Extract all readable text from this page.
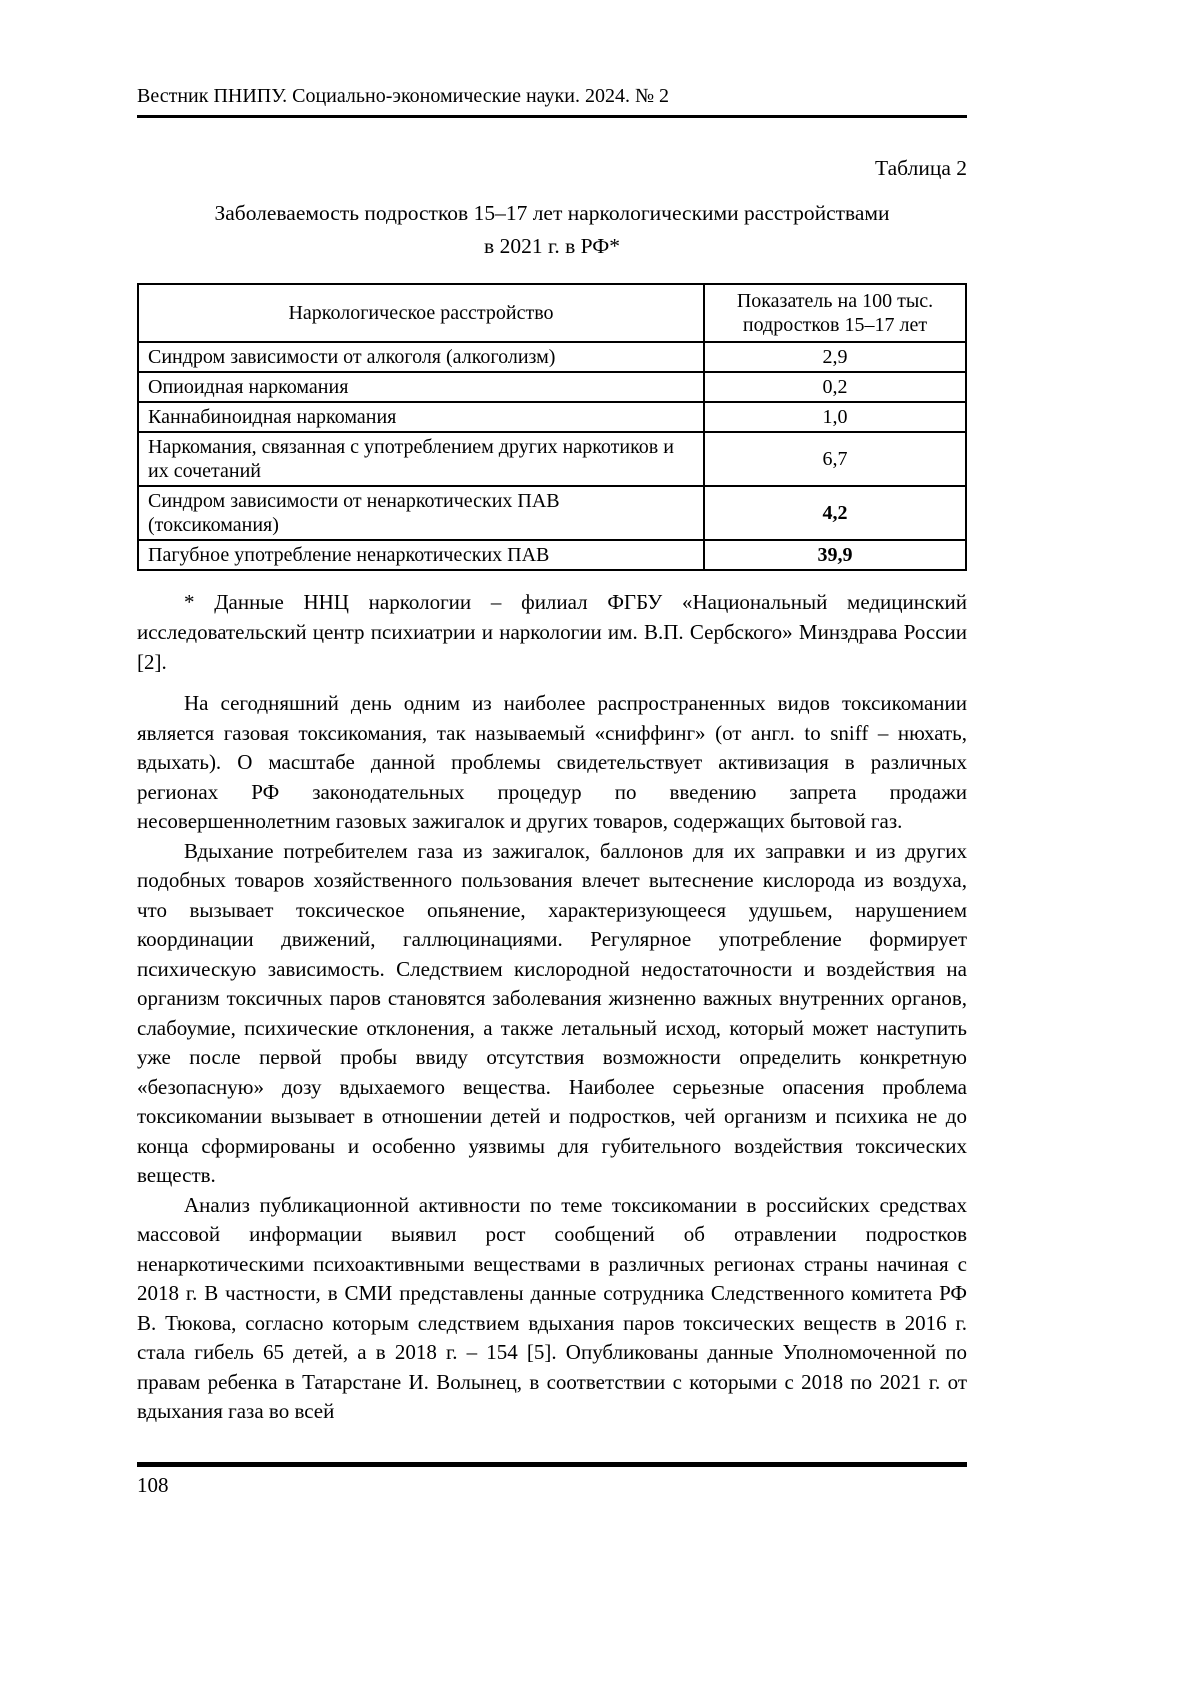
Вестник ПНИПУ. Социально-экономические науки. 2024. № 2
Таблица 2
Заболеваемость подростков 15–17 лет наркологическими расстройствами в 2021 г. в РФ*
Наркологическое расстройство	Показатель на 100 тыс. подростков 15–17 лет
Синдром зависимости от алкоголя (алкоголизм)	2,9
Опиоидная наркомания	0,2
Каннабиноидная наркомания	1,0
Наркомания, связанная с употреблением других наркотиков и их сочетаний	6,7
Синдром зависимости от ненаркотических ПАВ (токсикомания)	4,2
Пагубное употребление ненаркотических ПАВ	39,9

* Данные ННЦ наркологии – филиал ФГБУ «Национальный медицинский исследовательский центр психиатрии и наркологии им. В.П. Сербского» Минздрава России [2].

На сегодняшний день одним из наиболее распространенных видов токсикомании является газовая токсикомания, так называемый «сниффинг» (от англ. to sniff – нюхать, вдыхать). О масштабе данной проблемы свидетельствует активизация в различных регионах РФ законодательных процедур по введению запрета продажи несовершеннолетним газовых зажигалок и других товаров, содержащих бытовой газ.

Вдыхание потребителем газа из зажигалок, баллонов для их заправки и из других подобных товаров хозяйственного пользования влечет вытеснение кислорода из воздуха, что вызывает токсическое опьянение, характеризующееся удушьем, нарушением координации движений, галлюцинациями. Регулярное употребление формирует психическую зависимость. Следствием кислородной недостаточности и воздействия на организм токсичных паров становятся заболевания жизненно важных внутренних органов, слабоумие, психические отклонения, а также летальный исход, который может наступить уже после первой пробы ввиду отсутствия возможности определить конкретную «безопасную» дозу вдыхаемого вещества. Наиболее серьезные опасения проблема токсикомании вызывает в отношении детей и подростков, чей организм и психика не до конца сформированы и особенно уязвимы для губительного воздействия токсических веществ.

Анализ публикационной активности по теме токсикомании в российских средствах массовой информации выявил рост сообщений об отравлении подростков ненаркотическими психоактивными веществами в различных регионах страны начиная с 2018 г. В частности, в СМИ представлены данные сотрудника Следственного комитета РФ В. Тюкова, согласно которым следствием вдыхания паров токсических веществ в 2016 г. стала гибель 65 детей, а в 2018 г. – 154 [5]. Опубликованы данные Уполномоченной по правам ребенка в Татарстане И. Волынец, в соответствии с которыми с 2018 по 2021 г. от вдыхания газа во всей

108
